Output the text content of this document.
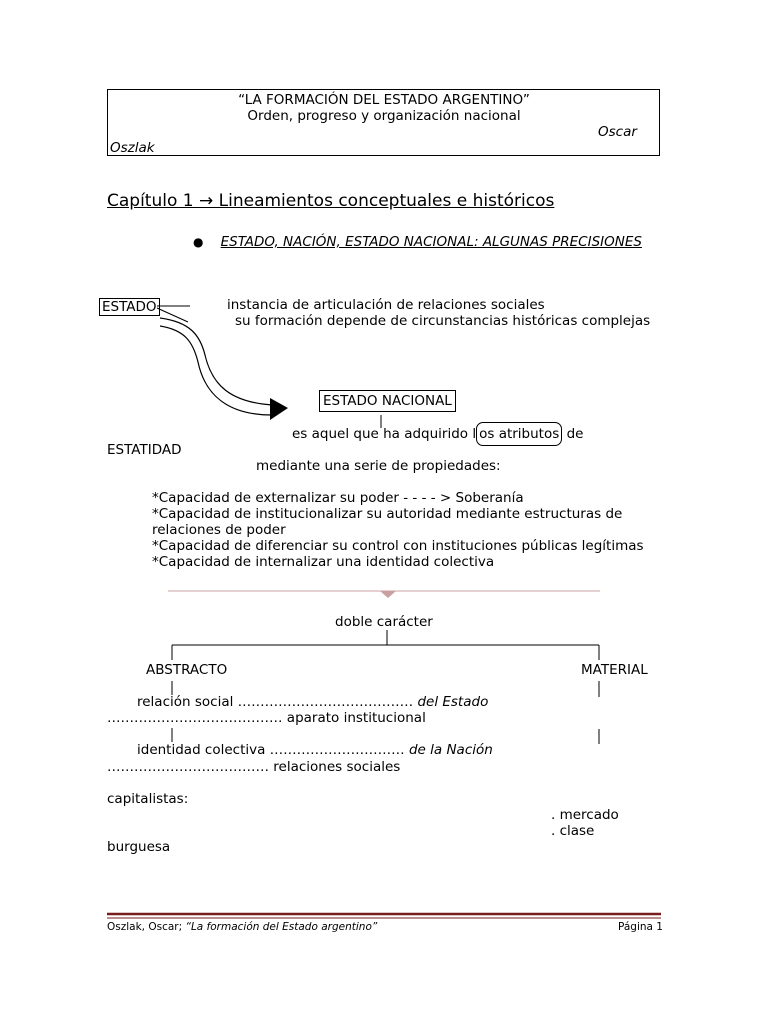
“LA FORMACIÓN DEL ESTADO ARGENTINO”
Orden, progreso y organización nacional
Oscar
Oszlak
Capítulo 1 → Lineamientos conceptuales e históricos
● ESTADO, NACIÓN, ESTADO NACIONAL: ALGUNAS PRECISIONES
ESTADO	instancia de articulación de relaciones sociales
su formación depende de circunstancias históricas complejas
ESTADO NACIONAL
es aquel que ha adquirido l os atributos de
ESTATIDAD
mediante una serie de propiedades:
*Capacidad de externalizar su poder - - - - > Soberanía
*Capacidad de institucionalizar su autoridad mediante estructuras de
relaciones de poder
*Capacidad de diferenciar su control con instituciones públicas legítimas
*Capacidad de internalizar una identidad colectiva
doble carácter
ABSTRACTO	MATERIAL
relación social ………………………………… del Estado
………………………………… aparato institucional
identidad colectiva ………………………… de la Nación
……………………………… relaciones sociales
capitalistas:
. mercado
. clase
burguesa
Oszlak, Oscar; “La formación del Estado argentino”	Página 1
